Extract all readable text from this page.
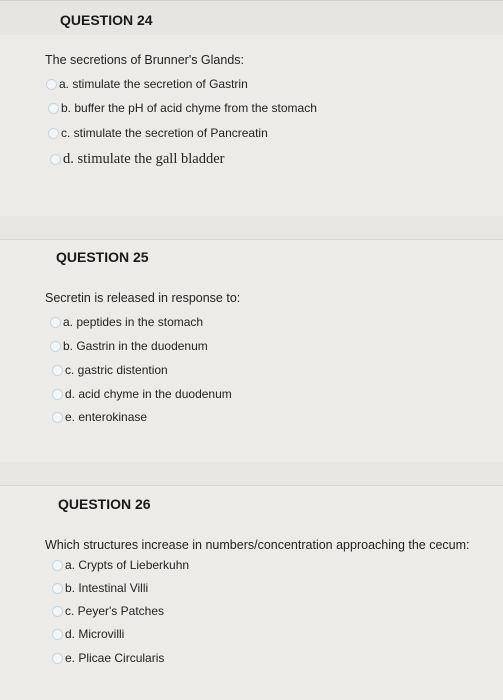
QUESTION 24
The secretions of Brunner's Glands:
a. stimulate the secretion of Gastrin
b. buffer the pH of acid chyme from the stomach
c. stimulate the secretion of Pancreatin
d. stimulate the gall bladder
QUESTION 25
Secretin is released in response to:
a. peptides in the stomach
b. Gastrin in the duodenum
c. gastric distention
d. acid chyme in the duodenum
e. enterokinase
QUESTION 26
Which structures increase in numbers/concentration approaching the cecum:
a. Crypts of Lieberkuhn
b. Intestinal Villi
c. Peyer's Patches
d. Microvilli
e. Plicae Circularis
